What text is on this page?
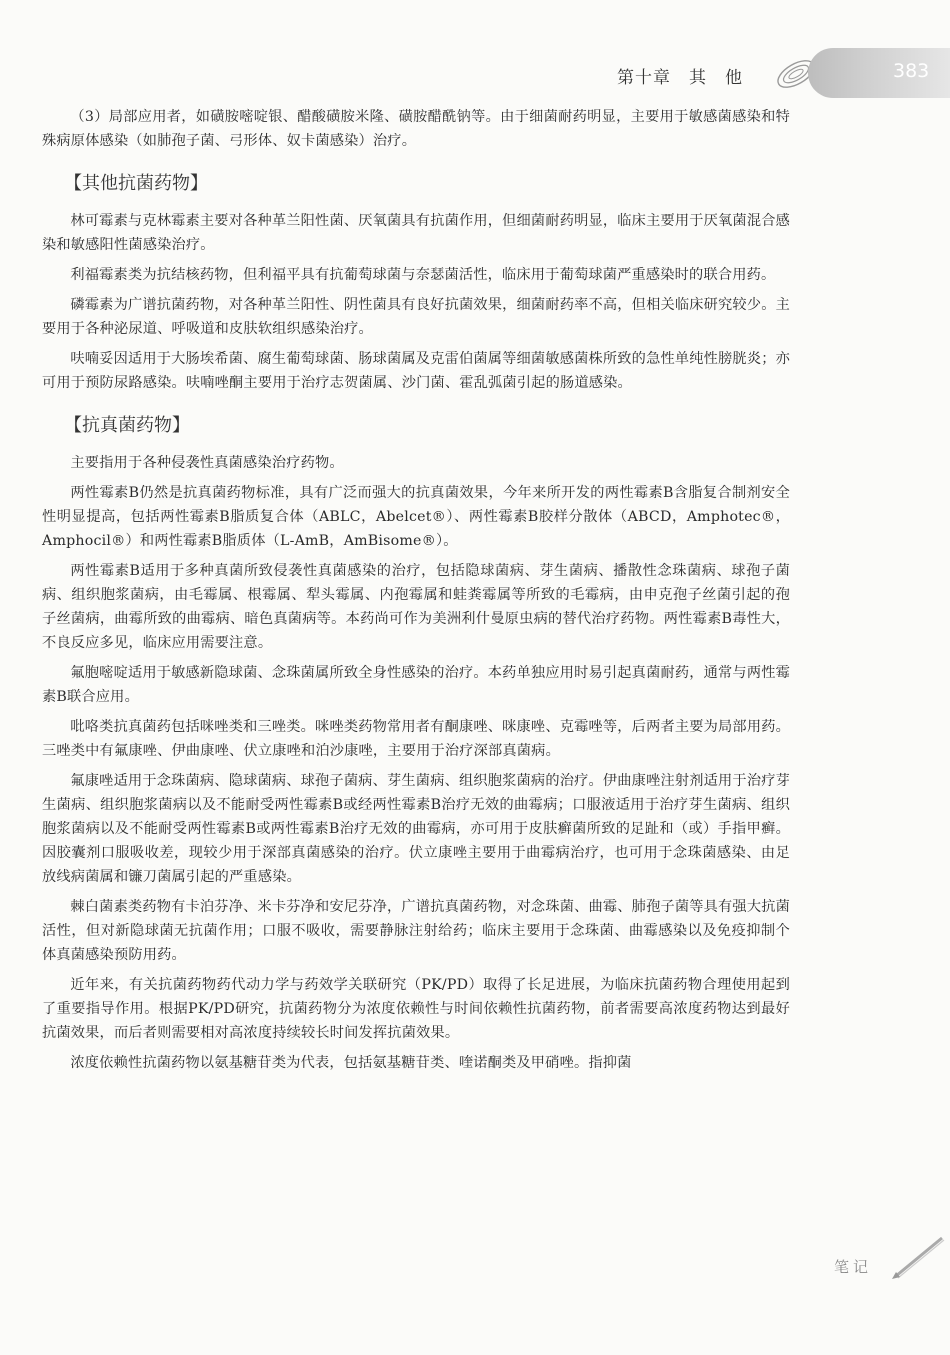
第十章　其　他	383

（3）局部应用者，如磺胺嘧啶银、醋酸磺胺米隆、磺胺醋酰钠等。由于细菌耐药明显，主要用于敏感菌感染和特殊病原体感染（如肺孢子菌、弓形体、奴卡菌感染）治疗。

【其他抗菌药物】

林可霉素与克林霉素主要对各种革兰阳性菌、厌氧菌具有抗菌作用，但细菌耐药明显，临床主要用于厌氧菌混合感染和敏感阳性菌感染治疗。

利福霉素类为抗结核药物，但利福平具有抗葡萄球菌与奈瑟菌活性，临床用于葡萄球菌严重感染时的联合用药。

磷霉素为广谱抗菌药物，对各种革兰阳性、阴性菌具有良好抗菌效果，细菌耐药率不高，但相关临床研究较少。主要用于各种泌尿道、呼吸道和皮肤软组织感染治疗。

呋喃妥因适用于大肠埃希菌、腐生葡萄球菌、肠球菌属及克雷伯菌属等细菌敏感菌株所致的急性单纯性膀胱炎；亦可用于预防尿路感染。呋喃唑酮主要用于治疗志贺菌属、沙门菌、霍乱弧菌引起的肠道感染。

【抗真菌药物】

主要指用于各种侵袭性真菌感染治疗药物。

两性霉素B仍然是抗真菌药物标准，具有广泛而强大的抗真菌效果，今年来所开发的两性霉素B含脂复合制剂安全性明显提高，包括两性霉素B脂质复合体（ABLC，Abelcet®）、两性霉素B胶样分散体（ABCD，Amphotec®，Amphocil®）和两性霉素B脂质体（L-AmB，AmBisome®）。

两性霉素B适用于多种真菌所致侵袭性真菌感染的治疗，包括隐球菌病、芽生菌病、播散性念珠菌病、球孢子菌病、组织胞浆菌病，由毛霉属、根霉属、犁头霉属、内孢霉属和蛙粪霉属等所致的毛霉病，由申克孢子丝菌引起的孢子丝菌病，曲霉所致的曲霉病、暗色真菌病等。本药尚可作为美洲利什曼原虫病的替代治疗药物。两性霉素B毒性大，不良反应多见，临床应用需要注意。

氟胞嘧啶适用于敏感新隐球菌、念珠菌属所致全身性感染的治疗。本药单独应用时易引起真菌耐药，通常与两性霉素B联合应用。

吡咯类抗真菌药包括咪唑类和三唑类。咪唑类药物常用者有酮康唑、咪康唑、克霉唑等，后两者主要为局部用药。三唑类中有氟康唑、伊曲康唑、伏立康唑和泊沙康唑，主要用于治疗深部真菌病。

氟康唑适用于念珠菌病、隐球菌病、球孢子菌病、芽生菌病、组织胞浆菌病的治疗。伊曲康唑注射剂适用于治疗芽生菌病、组织胞浆菌病以及不能耐受两性霉素B或经两性霉素B治疗无效的曲霉病；口服液适用于治疗芽生菌病、组织胞浆菌病以及不能耐受两性霉素B或两性霉素B治疗无效的曲霉病，亦可用于皮肤癣菌所致的足趾和（或）手指甲癣。因胶囊剂口服吸收差，现较少用于深部真菌感染的治疗。伏立康唑主要用于曲霉病治疗，也可用于念珠菌感染、由足放线病菌属和镰刀菌属引起的严重感染。

棘白菌素类药物有卡泊芬净、米卡芬净和安尼芬净，广谱抗真菌药物，对念珠菌、曲霉、肺孢子菌等具有强大抗菌活性，但对新隐球菌无抗菌作用；口服不吸收，需要静脉注射给药；临床主要用于念珠菌、曲霉感染以及免疫抑制个体真菌感染预防用药。

近年来，有关抗菌药物药代动力学与药效学关联研究（PK/PD）取得了长足进展，为临床抗菌药物合理使用起到了重要指导作用。根据PK/PD研究，抗菌药物分为浓度依赖性与时间依赖性抗菌药物，前者需要高浓度药物达到最好抗菌效果，而后者则需要相对高浓度持续较长时间发挥抗菌效果。

浓度依赖性抗菌药物以氨基糖苷类为代表，包括氨基糖苷类、喹诺酮类及甲硝唑。指抑菌

笔记
